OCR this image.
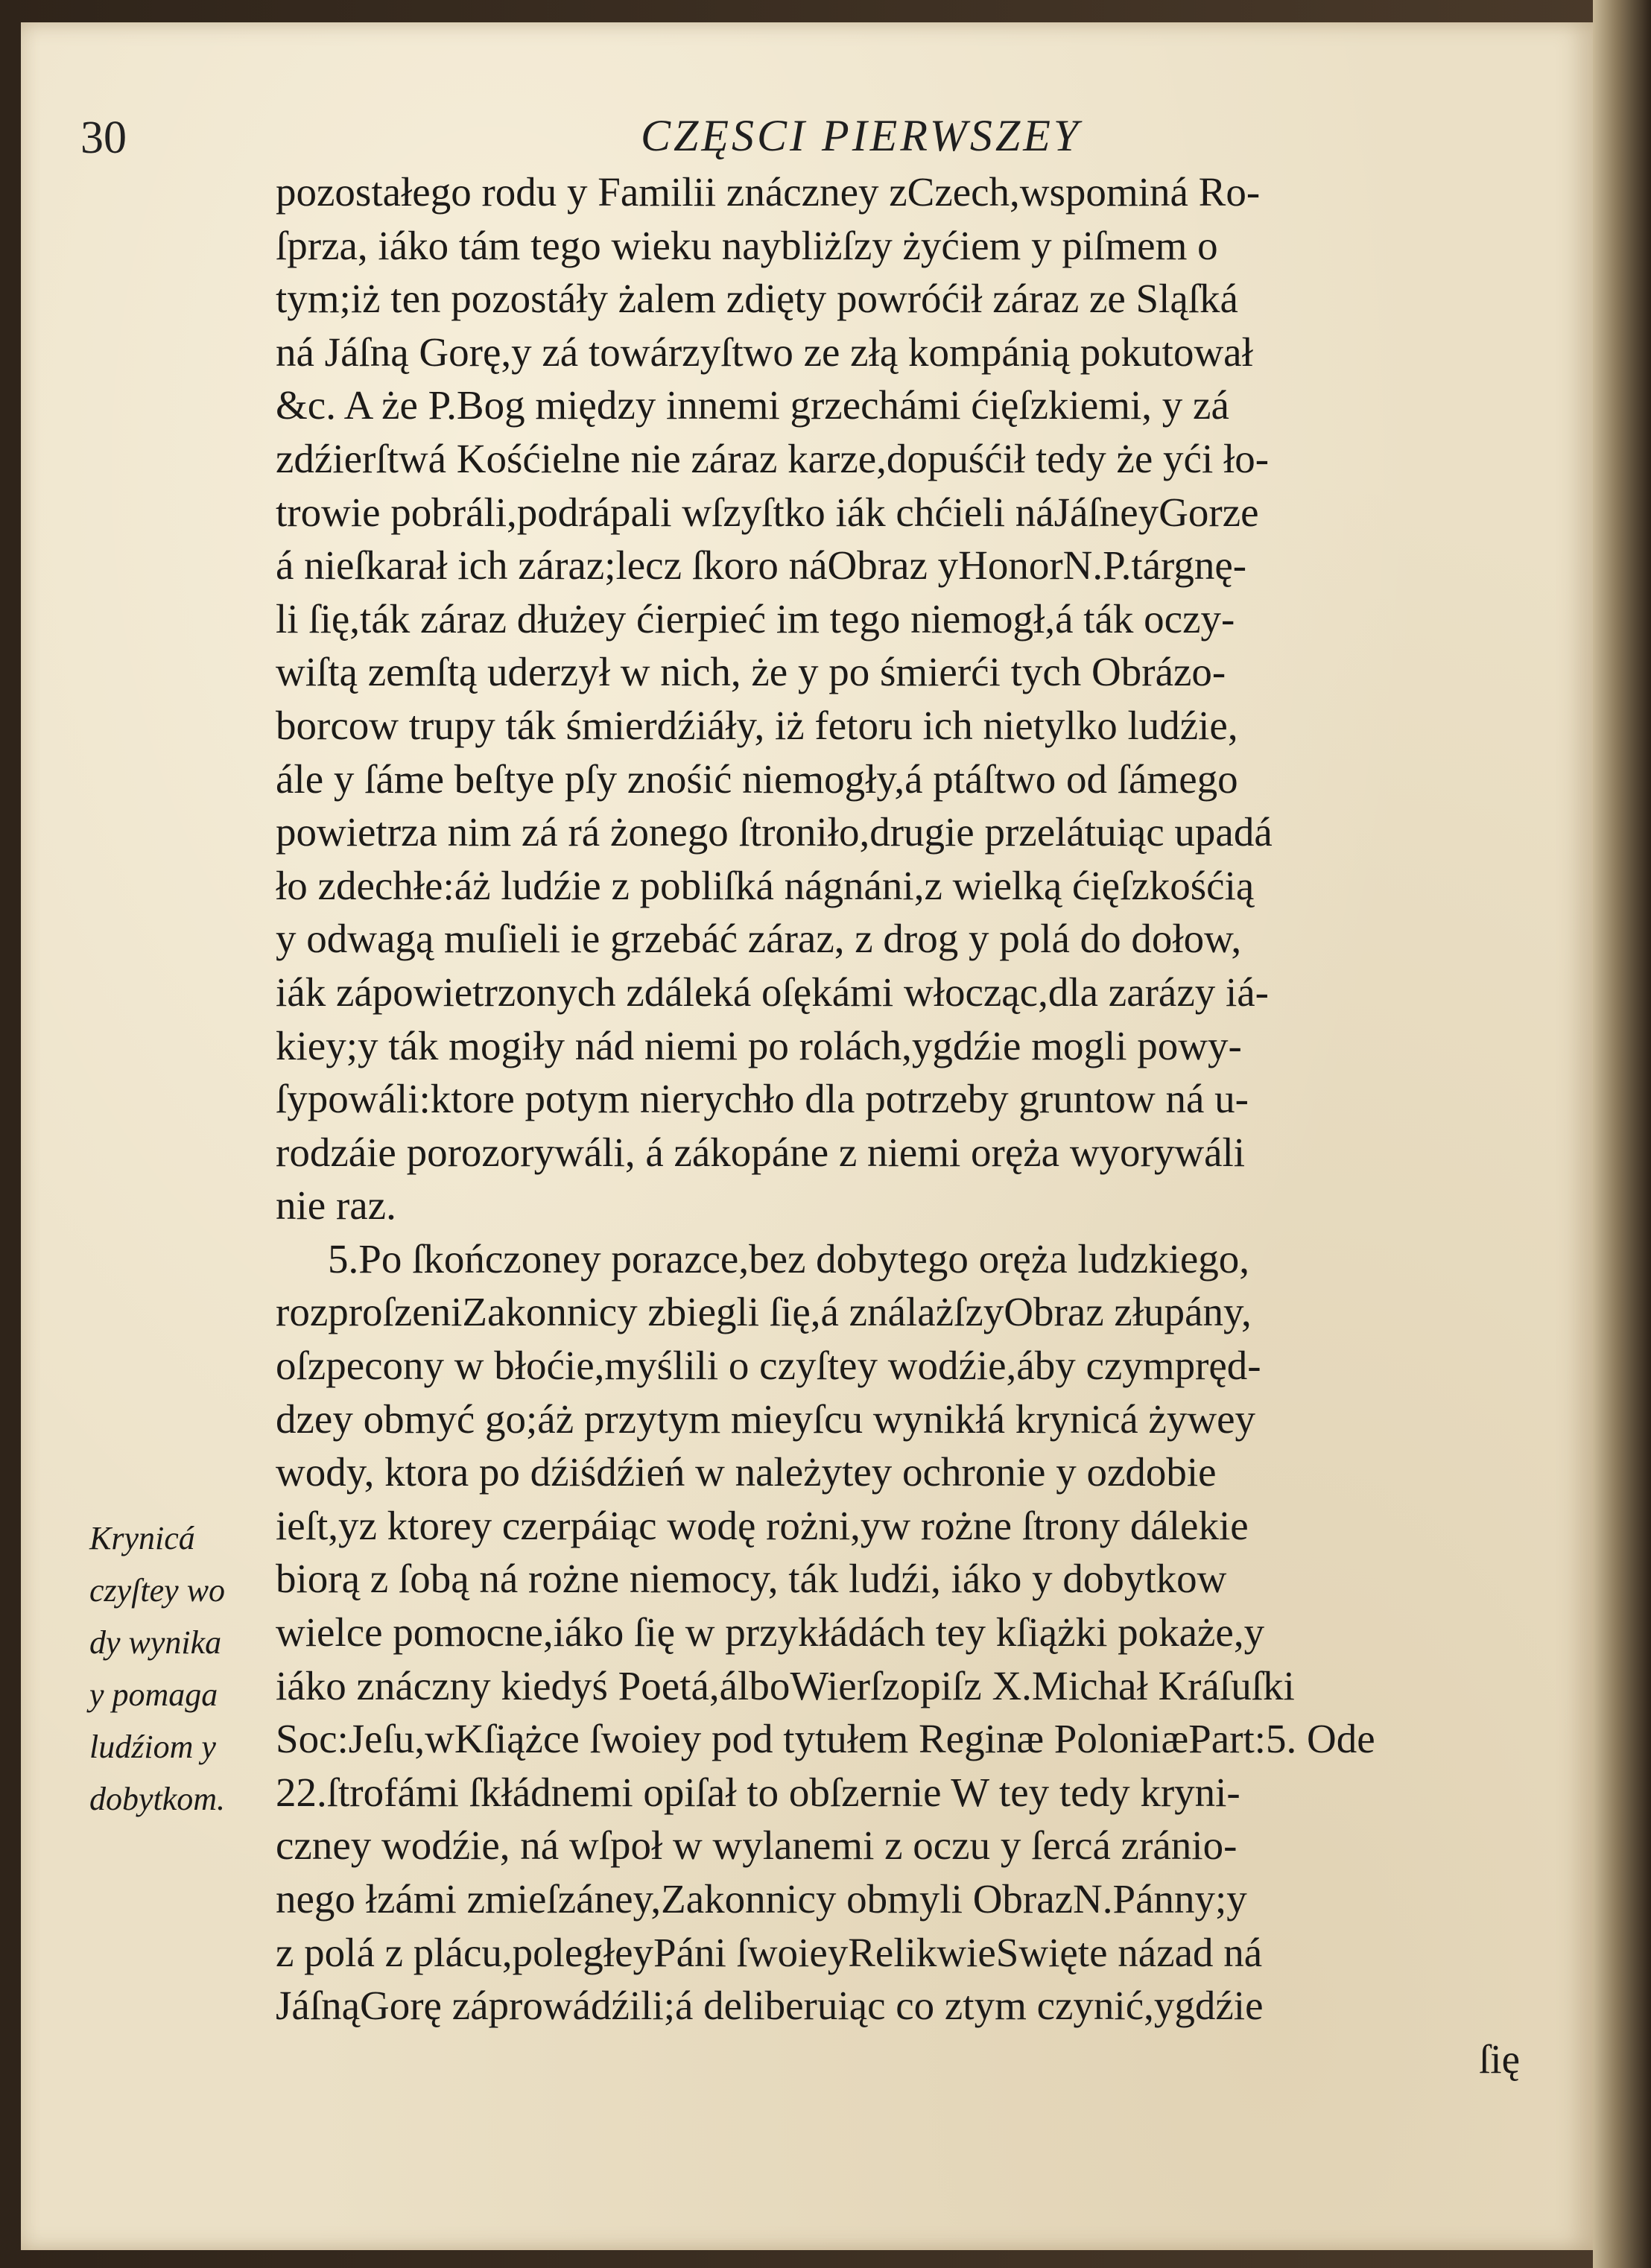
30	CZĘSCI PIERWSZEY
pozostałego rodu y Familii znáczney zCzech,wspominá Ro-
ſprza, iáko tám tego wieku naybliżſzy żyćiem y piſmem o
tym;iż ten pozostáły żalem zdięty powróćił záraz ze Sląſká
ná Jáſną Gorę,y zá towárzyſtwo ze złą kompánią pokutował
&c. A że P.Bog między innemi grzechámi ćięſzkiemi, y zá
zdźierſtwá Kośćielne nie záraz karze,dopuśćił tedy że yći ło-
trowie pobráli,podrápali wſzyſtko iák chćieli náJáſneyGorze
á nieſkarał ich záraz;lecz ſkoro náObraz yHonorN.P.tárgnę-
li ſię,ták záraz dłużey ćierpieć im tego niemogł,á ták oczy-
wiſtą zemſtą uderzył w nich, że y po śmierći tych Obrázo-
borcow trupy ták śmierdźiáły, iż fetoru ich nietylko ludźie,
ále y ſáme beſtye pſy znośić niemogły,á ptáſtwo od ſámego
powietrza nim zá rá żonego ſtroniło,drugie przelátuiąc upadá
ło zdechłe:áż ludźie z pobliſká nágnáni,z wielką ćięſzkośćią
y odwagą muſieli ie grzebáć záraz, z drog y polá do dołow,
iák zápowietrzonych zdáleká oſękámi włocząc,dla zarázy iá-
kiey;y ták mogiły nád niemi po rolách,ygdźie mogli powy-
ſypowáli:ktore potym nierychło dla potrzeby gruntow ná u-
rodzáie porozorywáli, á zákopáne z niemi oręża wyorywáli
nie raz.
5.Po ſkończoney porazce,bez dobytego oręża ludzkiego,
rozproſzeniZakonnicy zbiegli ſię,á ználażſzyObraz złupány,
oſzpecony w błoćie,myślili o czyſtey wodźie,áby czympręd-
dzey obmyć go;áż przytym mieyſcu wynikłá krynicá żywey
wody, ktora po dźiśdźień w należytey ochronie y ozdobie
ieſt,yz ktorey czerpáiąc wodę rożni,yw rożne ſtrony dálekie
biorą z ſobą ná rożne niemocy, ták ludźi, iáko y dobytkow
wielce pomocne,iáko ſię w przykłádách tey kſiążki pokaże,y
iáko znáczny kiedyś Poetá,álboWierſzopiſz X.Michał Kráſuſki
Soc:Jeſu,wKſiążce ſwoiey pod tytułem Reginæ PoloniæPart:5. Ode
22.ſtrofámi ſkłádnemi opiſał to obſzernie W tey tedy kryni-
czney wodźie, ná wſpoł w wylanemi z oczu y ſercá zránio-
nego łzámi zmieſzáney,Zakonnicy obmyli ObrazN.Pánny;y
z polá z plácu,poległeyPáni ſwoieyRelikwieSwięte názad ná
JáſnąGorę záprowádźili;á deliberuiąc co ztym czynić,ygdźie
ſię
Krynicá
czyſtey wo
dy wynika
y pomaga
ludźiom y
dobytkom.
